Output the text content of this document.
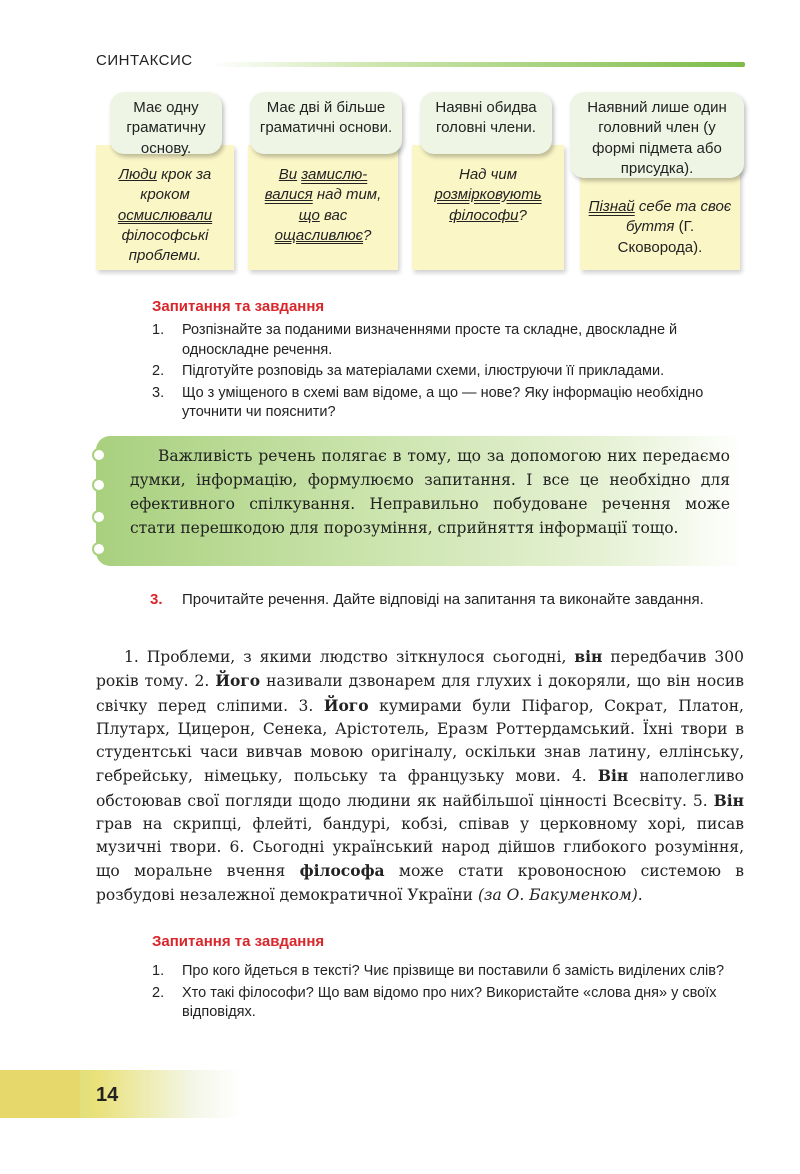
СИНТАКСИС
Люди крок за кроком осмислювали філософські проблеми.
Має одну граматичну основу.
Ви замислю-валися над тим, що вас ощасливлює?
Має дві й більше граматичні основи.
Над чим розмірковують філософи?
Наявні обидва головні члени.
Пізнай себе та своє буття (Г. Сковорода).
Наявний лише один головний член (у формі підмета або присудка).
Запитання та завдання
1. Розпізнайте за поданими визначеннями просте та складне, двоскладне й односкладне речення.
2. Підготуйте розповідь за матеріалами схеми, ілюструючи її прикладами.
3. Що з уміщеного в схемі вам відоме, а що — нове? Яку інформацію необхідно уточнити чи пояснити?
Важливість речень полягає в тому, що за допомогою них передаємо думки, інформацію, формулюємо запитання. І все це необхідно для ефективного спілкування. Неправильно побудоване речення може стати перешкодою для порозуміння, сприйняття інформації тощо.
3.	Прочитайте речення. Дайте відповіді на запитання та виконайте завдання.
1. Проблеми, з якими людство зіткнулося сьогодні, він передбачив 300 років тому. 2. Його називали дзвонарем для глухих і докоряли, що він носив свічку перед сліпими. 3. Його кумирами були Піфагор, Сократ, Платон, Плутарх, Цицерон, Сенека, Арістотель, Еразм Роттердамський. Їхні твори в студентські часи вивчав мовою оригіналу, оскільки знав латину, еллінську, гебрейську, німецьку, польську та французьку мови. 4. Він наполегливо обстоював свої погляди щодо людини як найбільшої цінності Всесвіту. 5. Він грав на скрипці, флейті, бандурі, кобзі, співав у церковному хорі, писав музичні твори. 6. Сьогодні український народ дійшов глибокого розуміння, що моральне вчення філософа може стати кровоносною системою в розбудові незалежної демократичної України (за О. Бакуменком).
Запитання та завдання
1. Про кого йдеться в тексті? Чиє прізвище ви поставили б замість виділених слів?
2. Хто такі філософи? Що вам відомо про них? Використайте «слова дня» у своїх відповідях.
14
